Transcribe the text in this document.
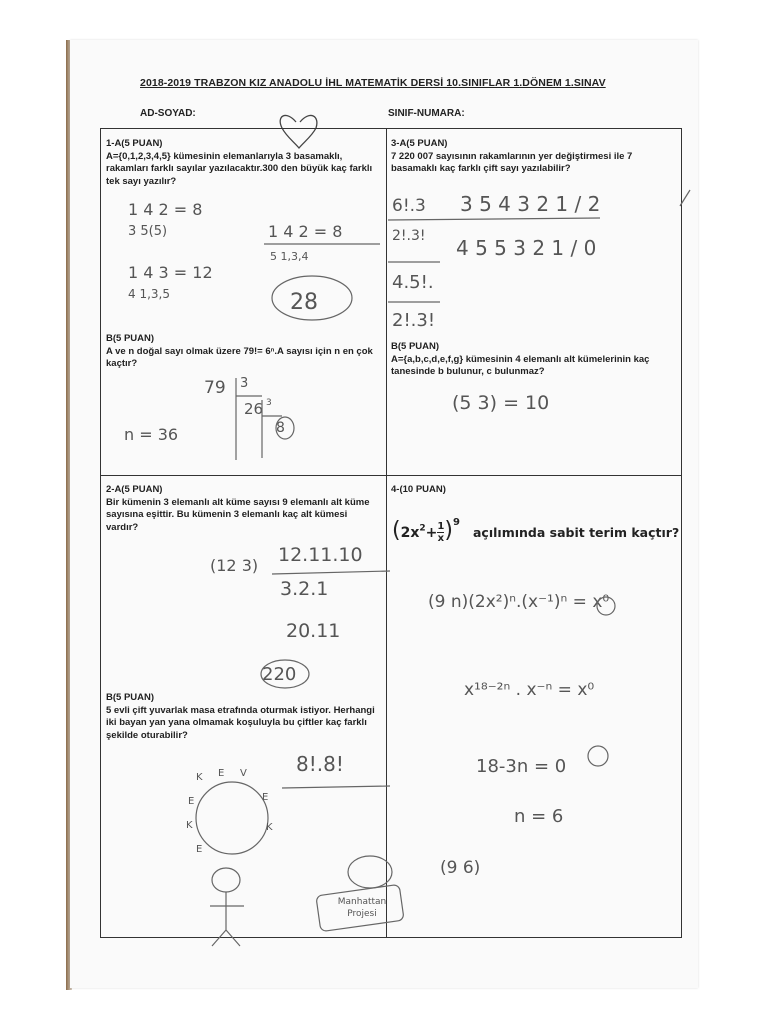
2018-2019 TRABZON KIZ ANADOLU İHL MATEMATİK DERSİ 10.SINIFLAR 1.DÖNEM 1.SINAV
AD-SOYAD:	SINIF-NUMARA:
1-A(5 PUAN)
A={0,1,2,3,4,5} kümesinin elemanlarıyla 3 basamaklı, rakamları farklı sayılar yazılacaktır.300 den büyük kaç farklı tek sayı yazılır?
B(5 PUAN)
A ve n doğal sayı olmak üzere 79!= 6ⁿ.A sayısı için n en çok kaçtır?
3-A(5 PUAN)
7 220 007 sayısının rakamlarının yer değiştirmesi ile 7 basamaklı kaç farklı çift sayı yazılabilir?
B(5 PUAN)
A={a,b,c,d,e,f,g} kümesinin 4 elemanlı alt kümelerinin kaç tanesinde b bulunur, c bulunmaz?
2-A(5 PUAN)
Bir kümenin 3 elemanlı alt küme sayısı 9 elemanlı alt küme sayısına eşittir. Bu kümenin 3 elemanlı kaç alt kümesi vardır?
B(5 PUAN)
5 evli çift yuvarlak masa etrafında oturmak istiyor. Herhangi iki bayan yan yana olmamak koşuluyla bu çiftler kaç farklı şekilde oturabilir?
4-(10 PUAN)
$(2x^2+ \frac{1}{x} )^9$ açılımında sabit terim kaçtır?
1 4 2 = 8
3 5(5)	1 4 2 = 8
5 1,3,4
1 4 3 = 12
4 1,3,5	28
79 3
26 3
8
n = 36
6!.3 3 5 4 3 2 1 / 2
2!.3! 4 5 5 3 2 1 / 0
4.5!.
2!.3!
(5 3) = 10
(12 3) 12.11.10
3.2.1
20.11
220
8!.8!
Manhattan Projesi
(9 n)(2x²)ⁿ.(x⁻¹)ⁿ = x⁰
x¹⁸⁻²ⁿ . x⁻ⁿ = x⁰
18-3n = 0
n = 6
(9 6)
K E V
E	E
K	K
E
